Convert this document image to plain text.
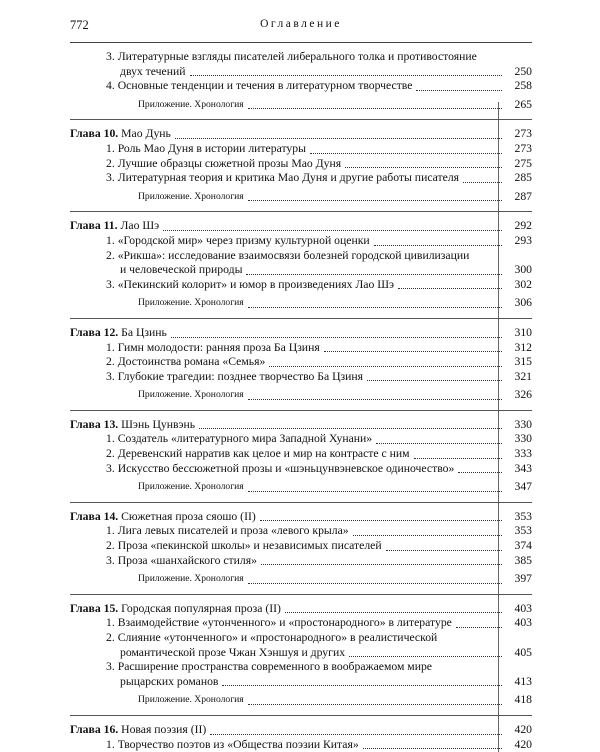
772	Оглавление
3. Литературные взгляды писателей либерального толка и противостояние
двух течений	250
4. Основные тенденции и течения в литературном творчестве	258
Приложение. Хронология	265
Глава 10. Мао Дунь	273
1. Роль Мао Дуня в истории литературы	273
2. Лучшие образцы сюжетной прозы Мао Дуня	275
3. Литературная теория и критика Мао Дуня и другие работы писателя	285
Приложение. Хронология	287
Глава 11. Лао Шэ	292
1. «Городской мир» через призму культурной оценки	293
2. «Рикша»: исследование взаимосвязи болезней городской цивилизации
и человеческой природы	300
3. «Пекинский колорит» и юмор в произведениях Лао Шэ	302
Приложение. Хронология	306
Глава 12. Ба Цзинь	310
1. Гимн молодости: ранняя проза Ба Цзиня	312
2. Достоинства романа «Семья»	315
3. Глубокие трагедии: позднее творчество Ба Цзиня	321
Приложение. Хронология	326
Глава 13. Шэнь Цунвэнь	330
1. Создатель «литературного мира Западной Хунани»	330
2. Деревенский нарратив как целое и мир на контрасте с ним	333
3. Искусство бессюжетной прозы и «шэньцунвэневское одиночество»	343
Приложение. Хронология	347
Глава 14. Сюжетная проза сяошо (II)	353
1. Лига левых писателей и проза «левого крыла»	353
2. Проза «пекинской школы» и независимых писателей	374
3. Проза «шанхайского стиля»	385
Приложение. Хронология	397
Глава 15. Городская популярная проза (II)	403
1. Взаимодействие «утонченного» и «простонародного» в литературе	403
2. Слияние «утонченного» и «простонародного» в реалистической
романтической прозе Чжан Хэншуя и других	405
3. Расширение пространства современного в воображаемом мире
рыцарских романов	413
Приложение. Хронология	418
Глава 16. Новая поэзия (II)	420
1. Творчество поэтов из «Общества поэзии Китая»	420
